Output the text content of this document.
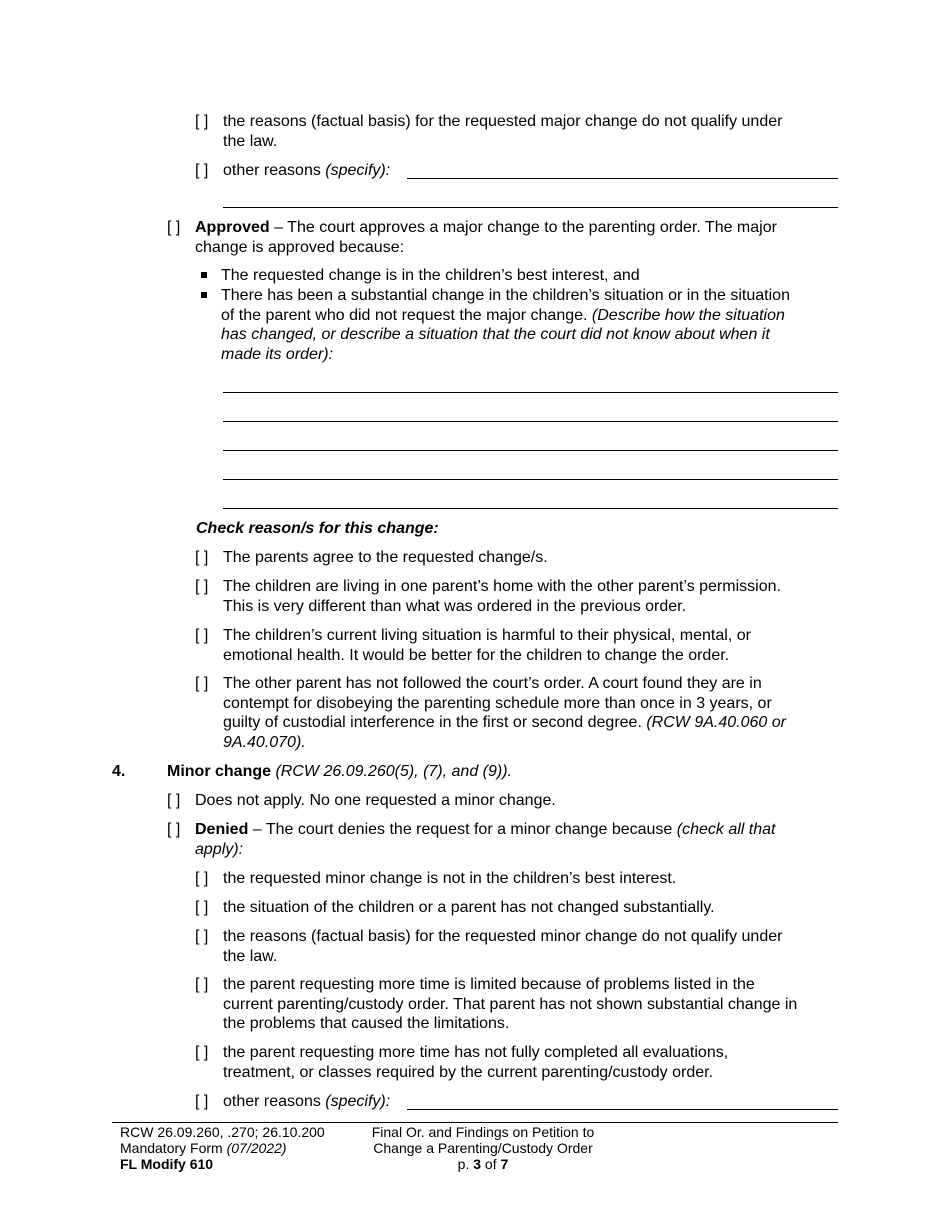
[ ] the reasons (factual basis) for the requested major change do not qualify under
the law.
[ ] other reasons (specify):
[ ] Approved – The court approves a major change to the parenting order. The major
change is approved because:
The requested change is in the children’s best interest, and
There has been a substantial change in the children’s situation or in the situation
of the parent who did not request the major change. (Describe how the situation
has changed, or describe a situation that the court did not know about when it
made its order):
Check reason/s for this change:
[ ] The parents agree to the requested change/s.
[ ] The children are living in one parent’s home with the other parent’s permission.
This is very different than what was ordered in the previous order.
[ ] The children’s current living situation is harmful to their physical, mental, or
emotional health. It would be better for the children to change the order.
[ ] The other parent has not followed the court’s order. A court found they are in
contempt for disobeying the parenting schedule more than once in 3 years, or
guilty of custodial interference in the first or second degree. (RCW 9A.40.060 or
9A.40.070).
4.	Minor change (RCW 26.09.260(5), (7), and (9)).
[ ] Does not apply. No one requested a minor change.
[ ] Denied – The court denies the request for a minor change because (check all that
apply):
[ ] the requested minor change is not in the children’s best interest.
[ ] the situation of the children or a parent has not changed substantially.
[ ] the reasons (factual basis) for the requested minor change do not qualify under
the law.
[ ] the parent requesting more time is limited because of problems listed in the
current parenting/custody order. That parent has not shown substantial change in
the problems that caused the limitations.
[ ] the parent requesting more time has not fully completed all evaluations,
treatment, or classes required by the current parenting/custody order.
[ ] other reasons (specify):
RCW 26.09.260, .270; 26.10.200
Mandatory Form (07/2022)
FL Modify 610
Final Or. and Findings on Petition to
Change a Parenting/Custody Order
p. 3 of 7
